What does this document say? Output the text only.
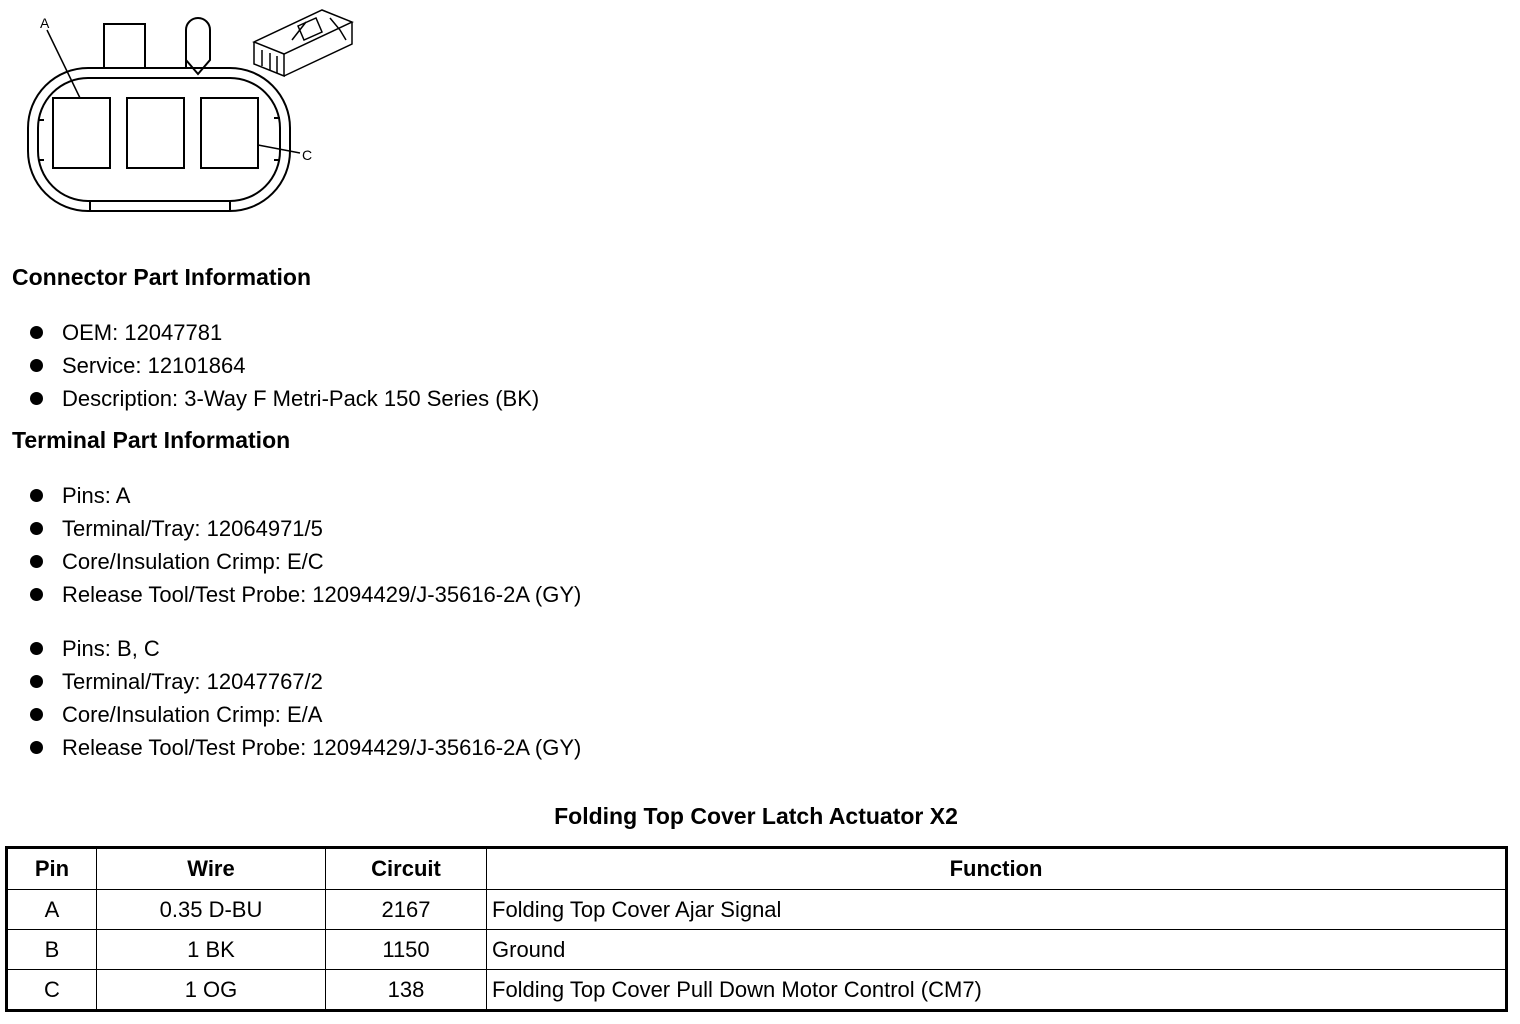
A
C
Connector Part Information
OEM: 12047781
Service: 12101864
Description: 3-Way F Metri-Pack 150 Series (BK)
Terminal Part Information
Pins: A
Terminal/Tray: 12064971/5
Core/Insulation Crimp: E/C
Release Tool/Test Probe: 12094429/J-35616-2A (GY)
Pins: B, C
Terminal/Tray: 12047767/2
Core/Insulation Crimp: E/A
Release Tool/Test Probe: 12094429/J-35616-2A (GY)
Folding Top Cover Latch Actuator X2
Pin	Wire	Circuit	Function
A	0.35 D-BU	2167	Folding Top Cover Ajar Signal
B	1 BK	1150	Ground
C	1 OG	138	Folding Top Cover Pull Down Motor Control (CM7)
